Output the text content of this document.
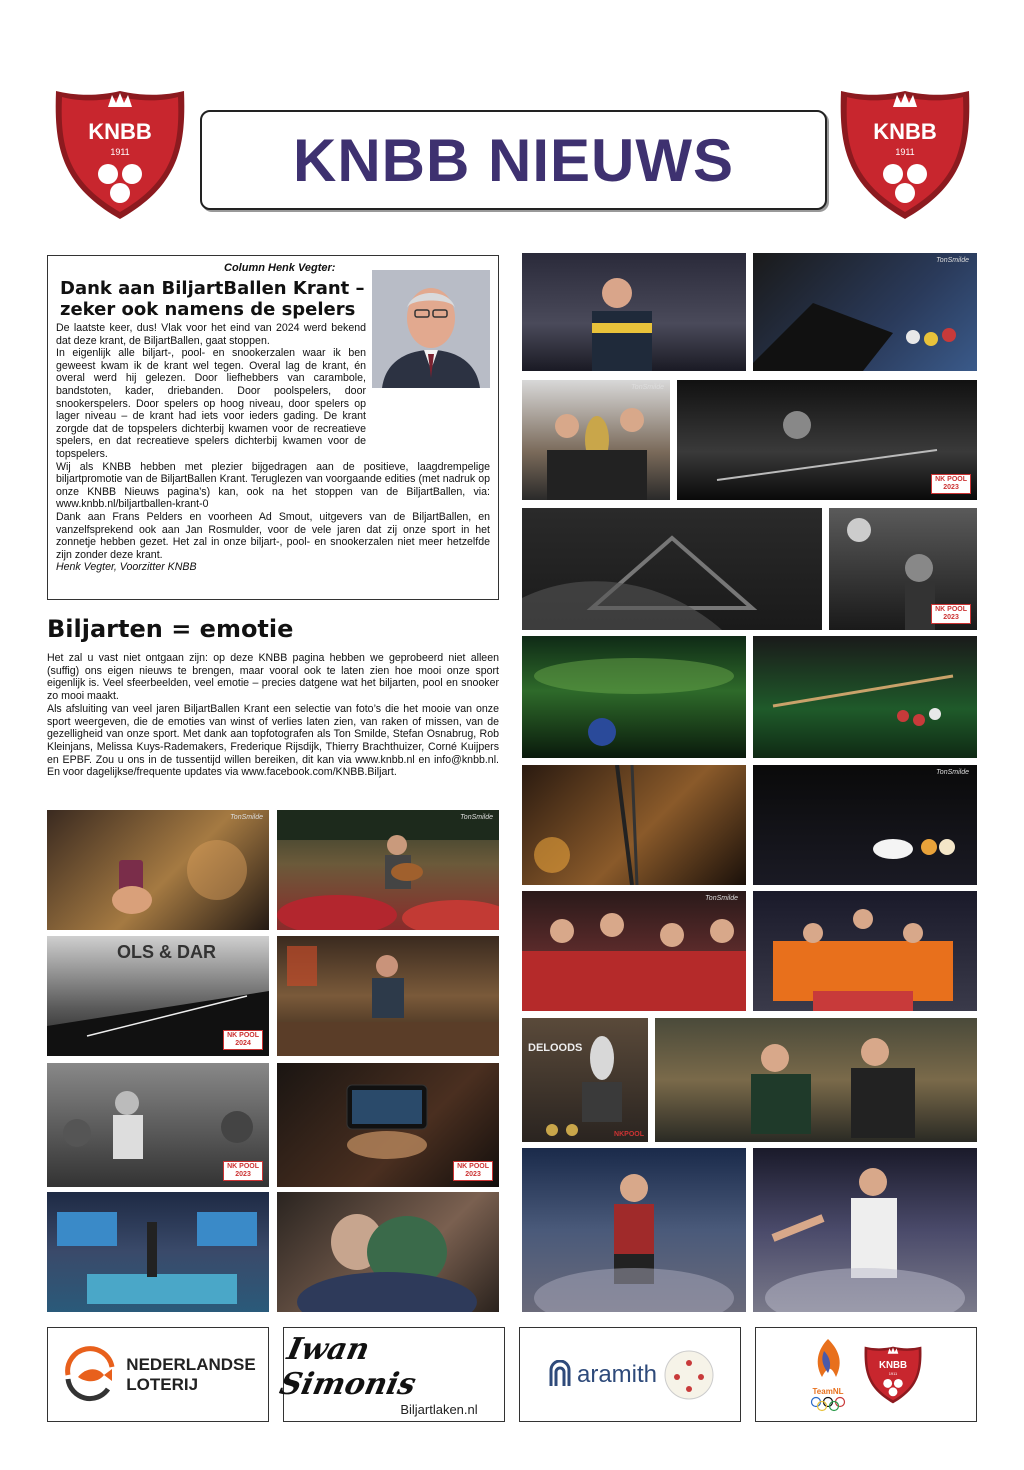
KNBB
1911
KNBB
1911
KNBB NIEUWS
Column Henk Vegter:
Dank aan BiljartBallen Krant – zeker ook namens de spelers

De laatste keer, dus! Vlak voor het eind van 2024 werd bekend dat deze krant, de BiljartBallen, gaat stoppen.

In eigenlijk alle biljart-, pool- en snookerzalen waar ik ben geweest kwam ik de krant wel tegen. Overal lag de krant, én overal werd hij gelezen. Door liefhebbers van carambole, bandstoten, kader, driebanden. Door poolspelers, door snookerspelers. Door spelers op hoog niveau, door spelers op lager niveau – de krant had iets voor ieders gading. De krant zorgde dat de topspelers dichterbij kwamen voor de recreatieve spelers, en dat recreatieve spelers dichterbij kwamen voor de topspelers.

Wij als KNBB hebben met plezier bijgedragen aan de positieve, laagdrempelige biljartpromotie van de BiljartBallen Krant. Teruglezen van voorgaande edities (met nadruk op onze KNBB Nieuws pagina’s) kan, ook na het stoppen van de BiljartBallen, via: www.knbb.nl/biljartballen-krant-0

Dank aan Frans Pelders en voorheen Ad Smout, uitgevers van de BiljartBallen, en vanzelfsprekend ook aan Jan Rosmulder, voor de vele jaren dat zij onze sport in het zonnetje hebben gezet. Het zal in onze biljart-, pool- en snookerzalen niet meer hetzelfde zijn zonder deze krant.

Henk Vegter, Voorzitter KNBB

Biljarten = emotie

Het zal u vast niet ontgaan zijn: op deze KNBB pagina hebben we geprobeerd niet alleen (suffig) ons eigen nieuws te brengen, maar vooral ook te laten zien hoe mooi onze sport eigenlijk is. Veel sfeerbeelden, veel emotie – precies datgene wat het biljarten, pool en snooker zo mooi maakt.

Als afsluiting van veel jaren BiljartBallen Krant een selectie van foto’s die het mooie van onze sport weergeven, die de emoties van winst of verlies laten zien, van raken of missen, van de gezelligheid van onze sport. Met dank aan topfotografen als Ton Smilde, Stefan Osnabrug, Rob Kleinjans, Melissa Kuys-Rademakers, Frederique Rijsdijk, Thierry Brachthuizer, Corné Kuijpers en EPBF. Zou u ons in de tussentijd willen bereiken, dit kan via www.knbb.nl en info@knbb.nl. En voor dagelijkse/frequente updates via www.facebook.com/KNBB.Biljart.

TonSmilde	TonSmilde
OLS & DAR
NK POOL
2024
NK POOL
2023
NK POOL
2023
TonSmilde
TonSmilde
NK POOL
2023
NK POOL
2023
TonSmilde
TonSmilde
DELOODS
NKPOOL
NEDERLANDSE
LOTERIJ
Iwan Simonis
Biljartlaken.nl
aramith
TeamNL
KNBB
1911
